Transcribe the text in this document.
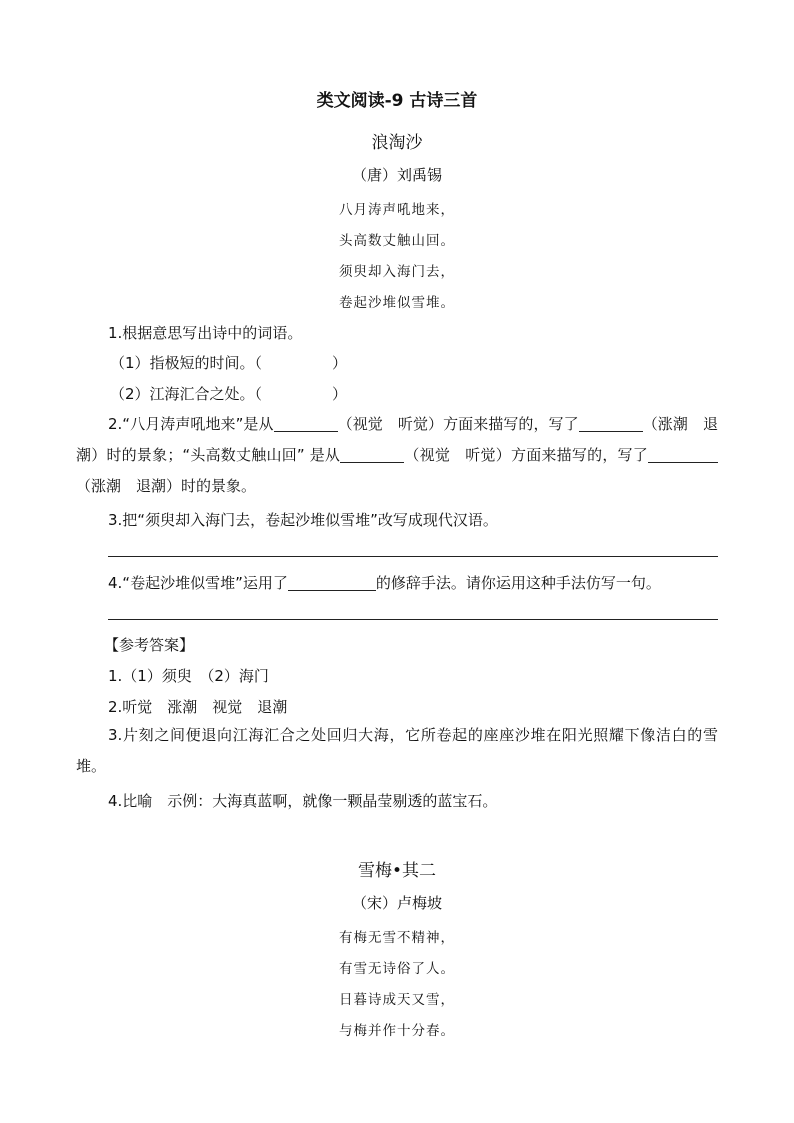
类文阅读-9 古诗三首
浪淘沙
（唐）刘禹锡
八月涛声吼地来，
头高数丈触山回。
须臾却入海门去，
卷起沙堆似雪堆。
1.根据意思写出诗中的词语。
（1）指极短的时间。（	）
（2）江海汇合之处。（	）
2.“八月涛声吼地来”是从	（视觉　听觉）方面来描写的，写了	（涨潮　退潮）时的景象；“头高数丈触山回” 是从	（视觉　听觉）方面来描写的，写了（涨潮　退潮）时的景象。
3.把“须臾却入海门去，卷起沙堆似雪堆”改写成现代汉语。
4.“卷起沙堆似雪堆”运用了	的修辞手法。请你运用这种手法仿写一句。
【参考答案】
1.（1）须臾　（2）海门
2.听觉　涨潮　视觉　退潮
3.片刻之间便退向江海汇合之处回归大海，它所卷起的座座沙堆在阳光照耀下像洁白的雪堆。
4.比喻　示例：大海真蓝啊，就像一颗晶莹剔透的蓝宝石。
雪梅•其二
（宋）卢梅坡
有梅无雪不精神，
有雪无诗俗了人。
日暮诗成天又雪，
与梅并作十分春。
